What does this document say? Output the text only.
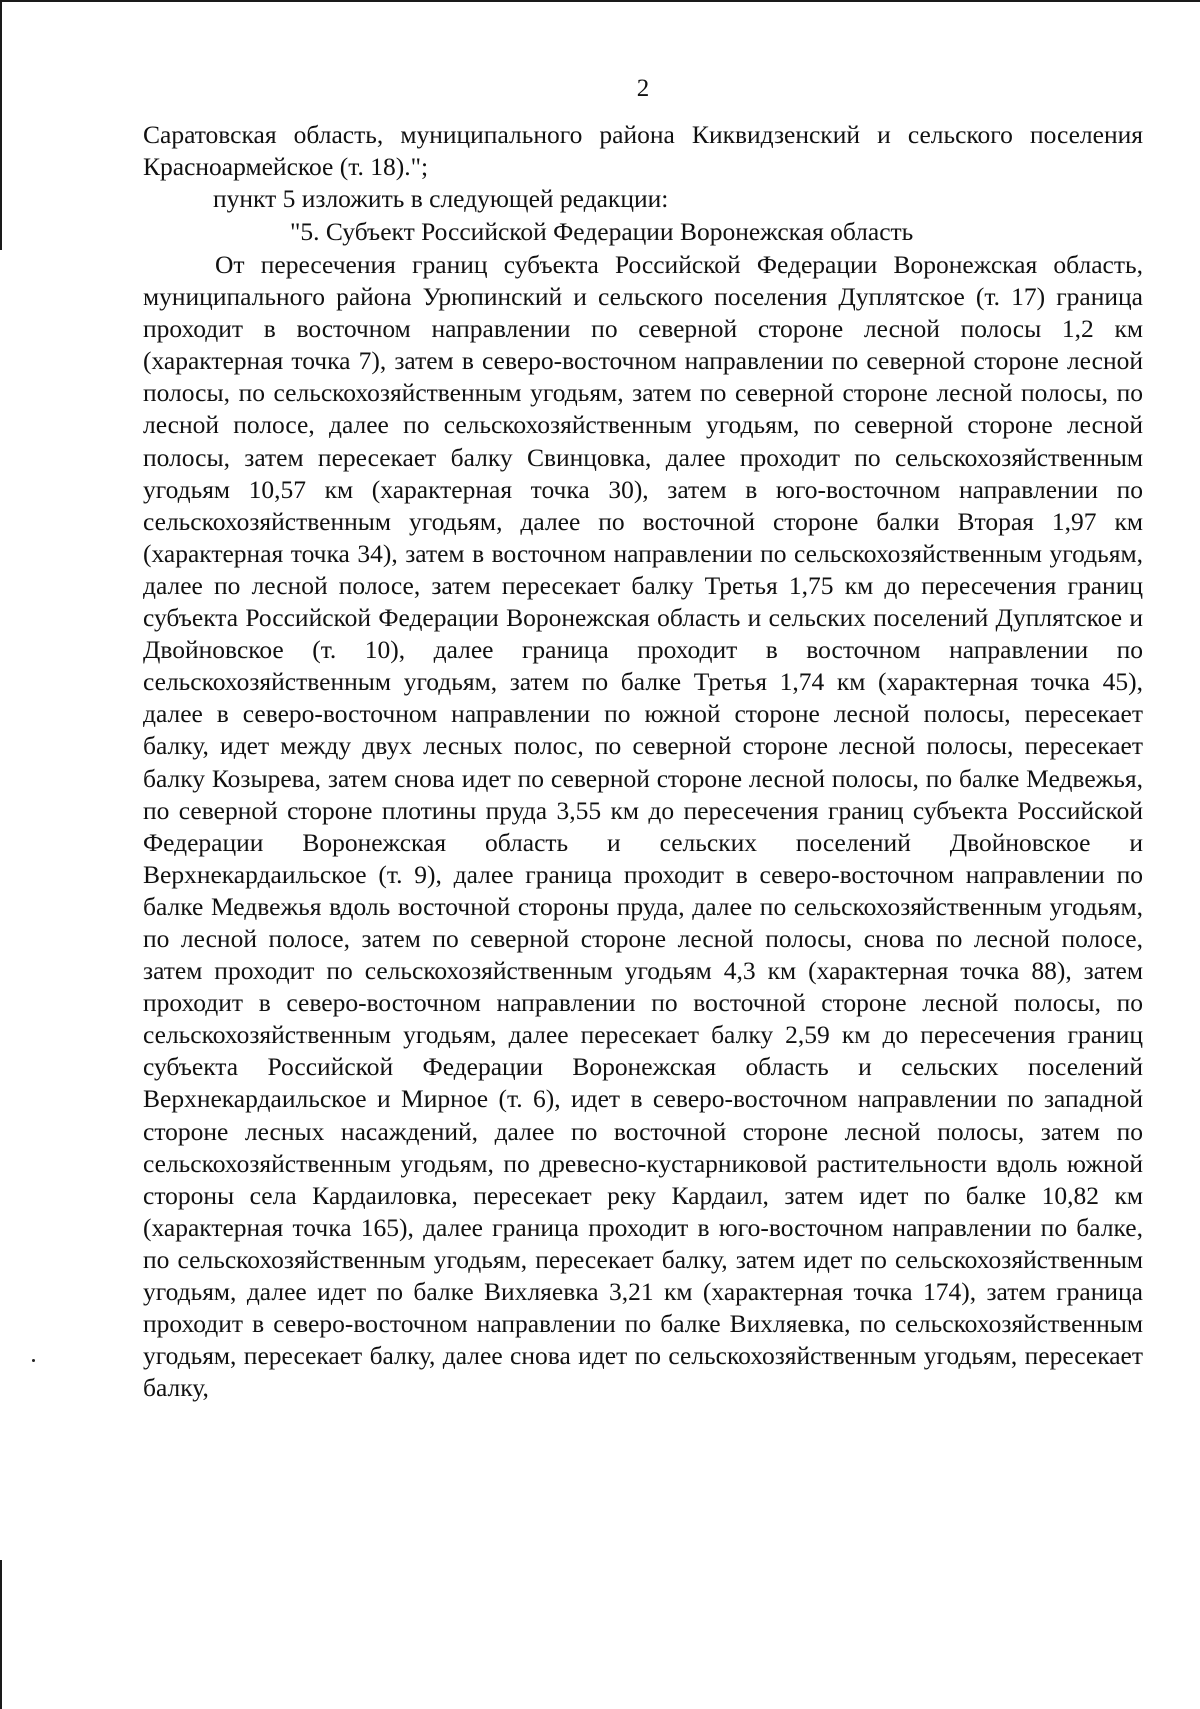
2
Саратовская область, муниципального района Киквидзенский и сельского поселения Красноармейское (т. 18).";
пункт 5 изложить в следующей редакции:
"5. Субъект Российской Федерации Воронежская область
От пересечения границ субъекта Российской Федерации Воронежская область, муниципального района Урюпинский и сельского поселения Дуплятское (т. 17) граница проходит в восточном направлении по северной стороне лесной полосы 1,2 км (характерная точка 7), затем в северо-восточном направлении по северной стороне лесной полосы, по сельскохозяйственным угодьям, затем по северной стороне лесной полосы, по лесной полосе, далее по сельскохозяйственным угодьям, по северной стороне лесной полосы, затем пересекает балку Свинцовка, далее проходит по сельскохозяйственным угодьям 10,57 км (характерная точка 30), затем в юго-восточном направлении по сельскохозяйственным угодьям, далее по восточной стороне балки Вторая 1,97 км (характерная точка 34), затем в восточном направлении по сельскохозяйственным угодьям, далее по лесной полосе, затем пересекает балку Третья 1,75 км до пересечения границ субъекта Российской Федерации Воронежская область и сельских поселений Дуплятское и Двойновское (т. 10), далее граница проходит в восточном направлении по сельскохозяйственным угодьям, затем по балке Третья 1,74 км (характерная точка 45), далее в северо-восточном направлении по южной стороне лесной полосы, пересекает балку, идет между двух лесных полос, по северной стороне лесной полосы, пересекает балку Козырева, затем снова идет по северной стороне лесной полосы, по балке Медвежья, по северной стороне плотины пруда 3,55 км до пересечения границ субъекта Российской Федерации Воронежская область и сельских поселений Двойновское и Верхнекардаильское (т. 9), далее граница проходит в северо-восточном направлении по балке Медвежья вдоль восточной стороны пруда, далее по сельскохозяйственным угодьям, по лесной полосе, затем по северной стороне лесной полосы, снова по лесной полосе, затем проходит по сельскохозяйственным угодьям 4,3 км (характерная точка 88), затем проходит в северо-восточном направлении по восточной стороне лесной полосы, по сельскохозяйственным угодьям, далее пересекает балку 2,59 км до пересечения границ субъекта Российской Федерации Воронежская область и сельских поселений Верхнекардаильское и Мирное (т. 6), идет в северо-восточном направлении по западной стороне лесных насаждений, далее по восточной стороне лесной полосы, затем по сельскохозяйственным угодьям, по древесно-кустарниковой растительности вдоль южной стороны села Кардаиловка, пересекает реку Кардаил, затем идет по балке 10,82 км (характерная точка 165), далее граница проходит в юго-восточном направлении по балке, по сельскохозяйственным угодьям, пересекает балку, затем идет по сельскохозяйственным угодьям, далее идет по балке Вихляевка 3,21 км (характерная точка 174), затем граница проходит в северо-восточном направлении по балке Вихляевка, по сельскохозяйственным угодьям, пересекает балку, далее снова идет по сельскохозяйственным угодьям, пересекает балку,
